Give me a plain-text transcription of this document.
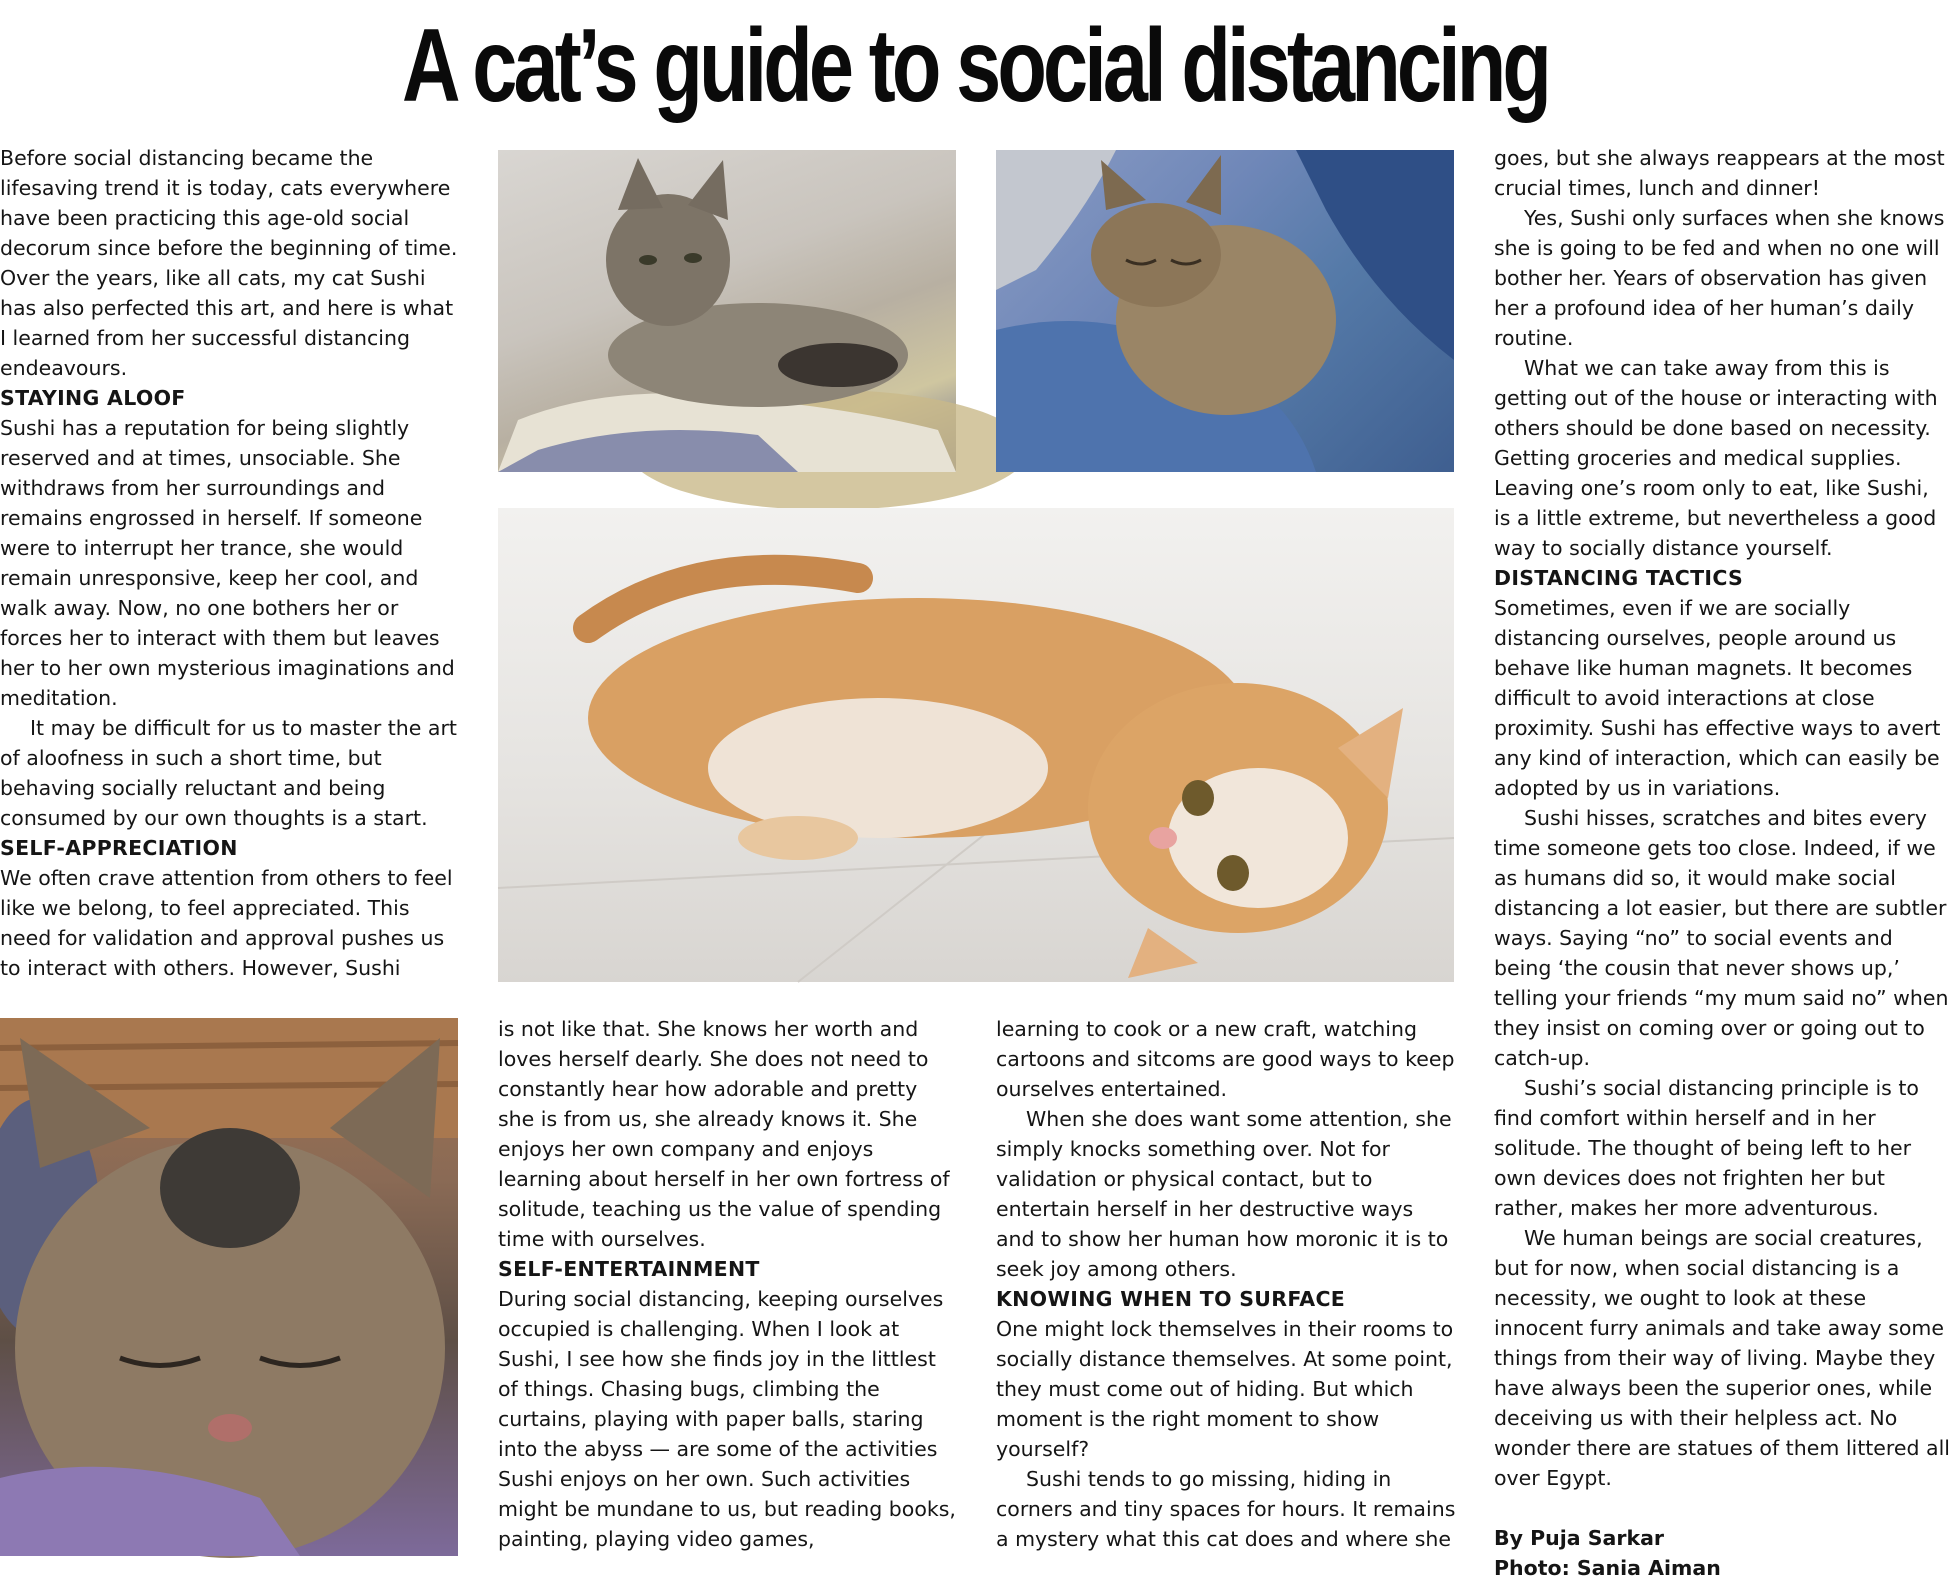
A cat’s guide to social distancing

Before social distancing became the lifesaving trend it is today, cats everywhere have been practicing this age-old social decorum since before the beginning of time. Over the years, like all cats, my cat Sushi has also perfected this art, and here is what I learned from her successful distancing endeavours.

STAYING ALOOF

Sushi has a reputation for being slightly reserved and at times, unsociable. She withdraws from her surroundings and remains engrossed in herself. If someone were to interrupt her trance, she would remain unresponsive, keep her cool, and walk away. Now, no one bothers her or forces her to interact with them but leaves her to her own mysterious imaginations and meditation.

It may be difficult for us to master the art of aloofness in such a short time, but behaving socially reluctant and being consumed by our own thoughts is a start.

SELF-APPRECIATION

We often crave attention from others to feel like we belong, to feel appreciated. This need for validation and approval pushes us to interact with others. However, Sushi

is not like that. She knows her worth and loves herself dearly. She does not need to constantly hear how adorable and pretty she is from us, she already knows it. She enjoys her own company and enjoys learning about herself in her own fortress of solitude, teaching us the value of spending time with ourselves.

SELF-ENTERTAINMENT

During social distancing, keeping ourselves occupied is challenging. When I look at Sushi, I see how she finds joy in the littlest of things. Chasing bugs, climbing the curtains, playing with paper balls, staring into the abyss — are some of the activities Sushi enjoys on her own. Such activities might be mundane to us, but reading books, painting, playing video games,

learning to cook or a new craft, watching cartoons and sitcoms are good ways to keep ourselves entertained.

When she does want some attention, she simply knocks something over. Not for validation or physical contact, but to entertain herself in her destructive ways and to show her human how moronic it is to seek joy among others.

KNOWING WHEN TO SURFACE

One might lock themselves in their rooms to socially distance themselves. At some point, they must come out of hiding. But which moment is the right moment to show yourself?

Sushi tends to go missing, hiding in corners and tiny spaces for hours. It remains a mystery what this cat does and where she

goes, but she always reappears at the most crucial times, lunch and dinner!

Yes, Sushi only surfaces when she knows she is going to be fed and when no one will bother her. Years of observation has given her a profound idea of her human’s daily routine.

What we can take away from this is getting out of the house or interacting with others should be done based on necessity. Getting groceries and medical supplies. Leaving one’s room only to eat, like Sushi, is a little extreme, but nevertheless a good way to socially distance yourself.

DISTANCING TACTICS

Sometimes, even if we are socially distancing ourselves, people around us behave like human magnets. It becomes difficult to avoid interactions at close proximity. Sushi has effective ways to avert any kind of interaction, which can easily be adopted by us in variations.

Sushi hisses, scratches and bites every time someone gets too close. Indeed, if we as humans did so, it would make social distancing a lot easier, but there are subtler ways. Saying “no” to social events and being ‘the cousin that never shows up,’ telling your friends “my mum said no” when they insist on coming over or going out to catch-up.

Sushi’s social distancing principle is to find comfort within herself and in her solitude. The thought of being left to her own devices does not frighten her but rather, makes her more adventurous.

We human beings are social creatures, but for now, when social distancing is a necessity, we ought to look at these innocent furry animals and take away some things from their way of living. Maybe they have always been the superior ones, while deceiving us with their helpless act. No wonder there are statues of them littered all over Egypt.

By Puja Sarkar

Photo: Sania Aiman
